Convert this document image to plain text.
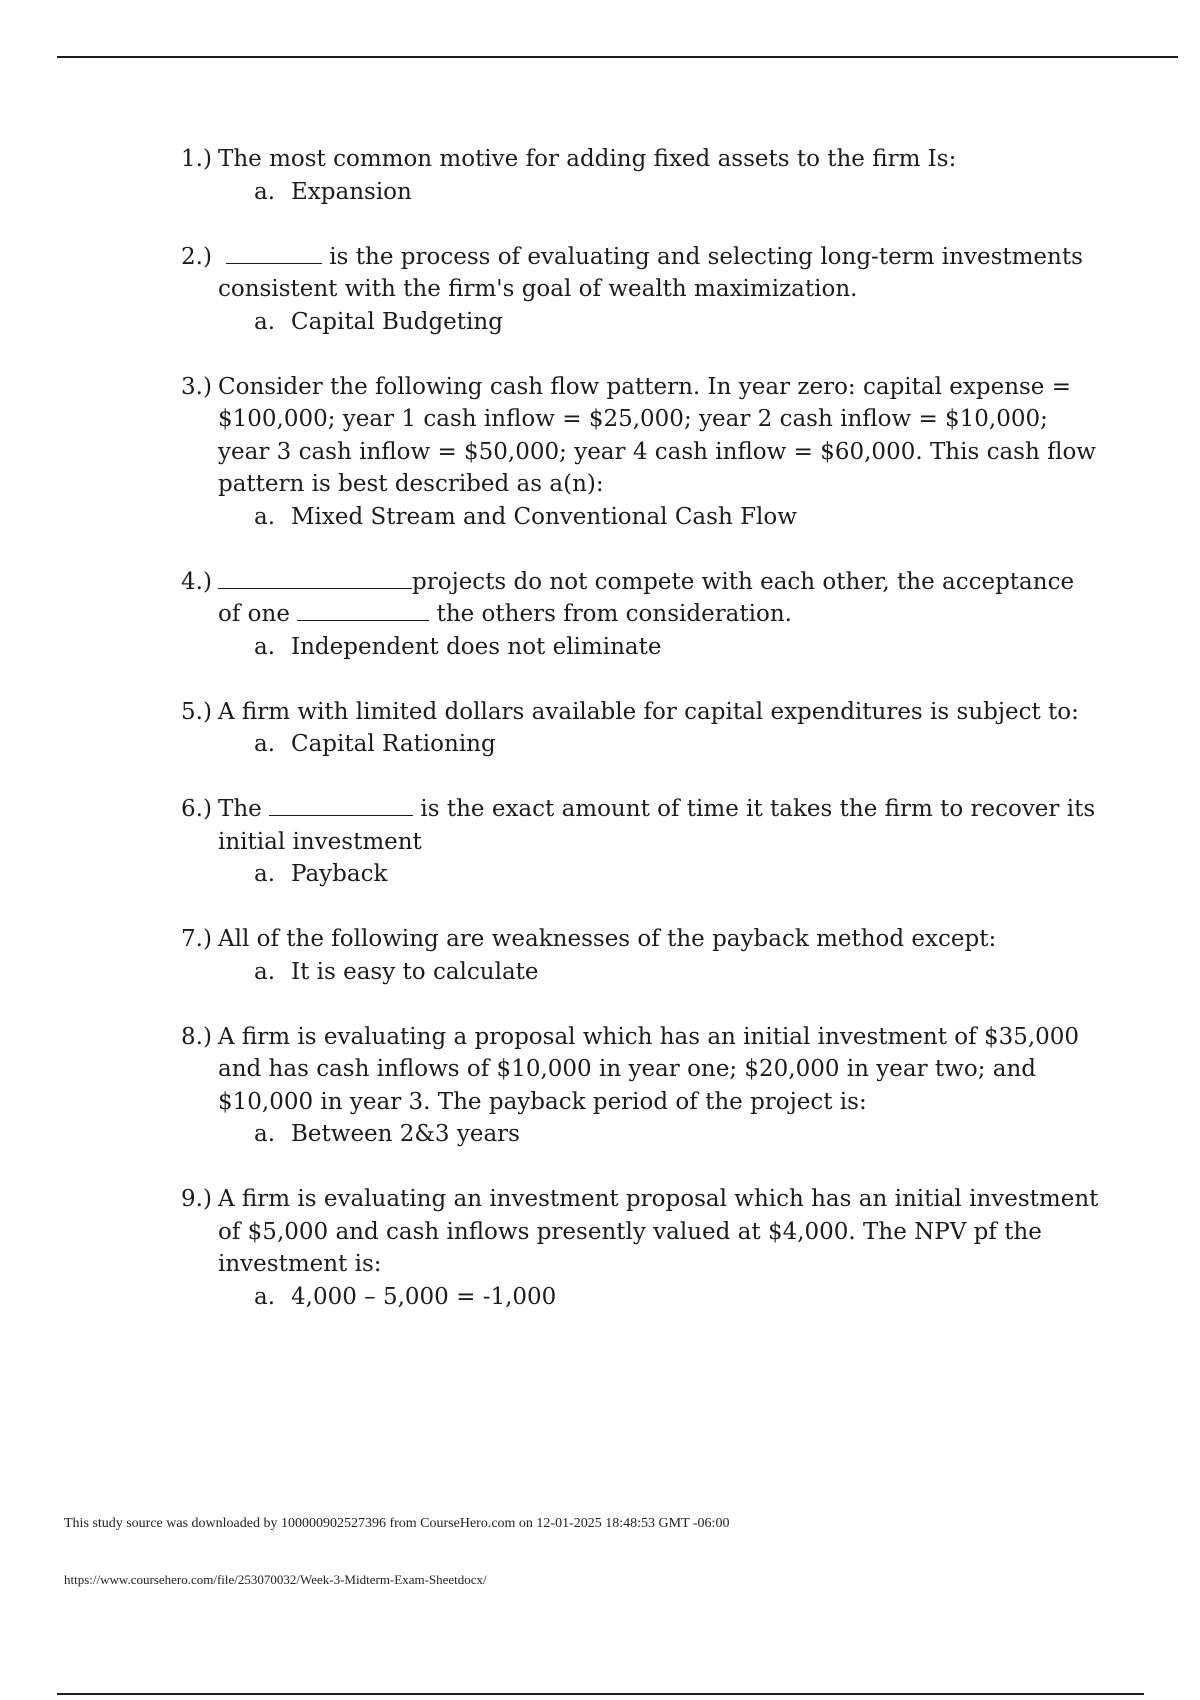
1.) The most common motive for adding fixed assets to the firm Is:
a. Expansion
2.)	is the process of evaluating and selecting long-term investments consistent with the firm's goal of wealth maximization.
a. Capital Budgeting
3.) Consider the following cash flow pattern. In year zero: capital expense = $100,000; year 1 cash inflow = $25,000; year 2 cash inflow = $10,000; year 3 cash inflow = $50,000; year 4 cash inflow = $60,000. This cash flow pattern is best described as a(n):
a. Mixed Stream and Conventional Cash Flow
4.)	projects do not compete with each other, the acceptance of one	the others from consideration.
a. Independent does not eliminate
5.) A firm with limited dollars available for capital expenditures is subject to:
a. Capital Rationing
6.) The	is the exact amount of time it takes the firm to recover its initial investment
a. Payback
7.) All of the following are weaknesses of the payback method except:
a. It is easy to calculate
8.) A firm is evaluating a proposal which has an initial investment of $35,000 and has cash inflows of $10,000 in year one; $20,000 in year two; and $10,000 in year 3. The payback period of the project is:
a. Between 2&3 years
9.) A firm is evaluating an investment proposal which has an initial investment of $5,000 and cash inflows presently valued at $4,000. The NPV pf the investment is:
a. 4,000 – 5,000 = -1,000
This study source was downloaded by 100000902527396 from CourseHero.com on 12-01-2025 18:48:53 GMT -06:00
https://www.coursehero.com/file/253070032/Week-3-Midterm-Exam-Sheetdocx/
